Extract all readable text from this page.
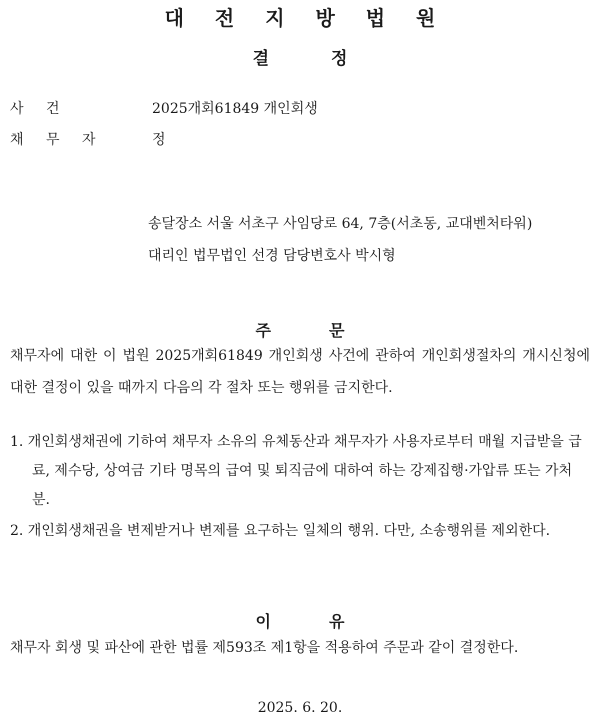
대 전 지 방 법 원
결	정
사 건	2025개회61849 개인회생
채 무 자	정
송달장소 서울 서초구 사임당로 64, 7층(서초동, 교대벤처타워)
대리인 법무법인 선경 담당변호사 박시형
주	문
채무자에 대한 이 법원 2025개회61849 개인회생 사건에 관하여 개인회생절차의 개시신청에 대한 결정이 있을 때까지 다음의 각 절차 또는 행위를 금지한다.
1. 개인회생채권에 기하여 채무자 소유의 유체동산과 채무자가 사용자로부터 매월 지급받을 급료, 제수당, 상여금 기타 명목의 급여 및 퇴직금에 대하여 하는 강제집행·가압류 또는 가처분.
2. 개인회생채권을 변제받거나 변제를 요구하는 일체의 행위. 다만, 소송행위를 제외한다.
이	유
채무자 회생 및 파산에 관한 법률 제593조 제1항을 적용하여 주문과 같이 결정한다.
2025. 6. 20.
